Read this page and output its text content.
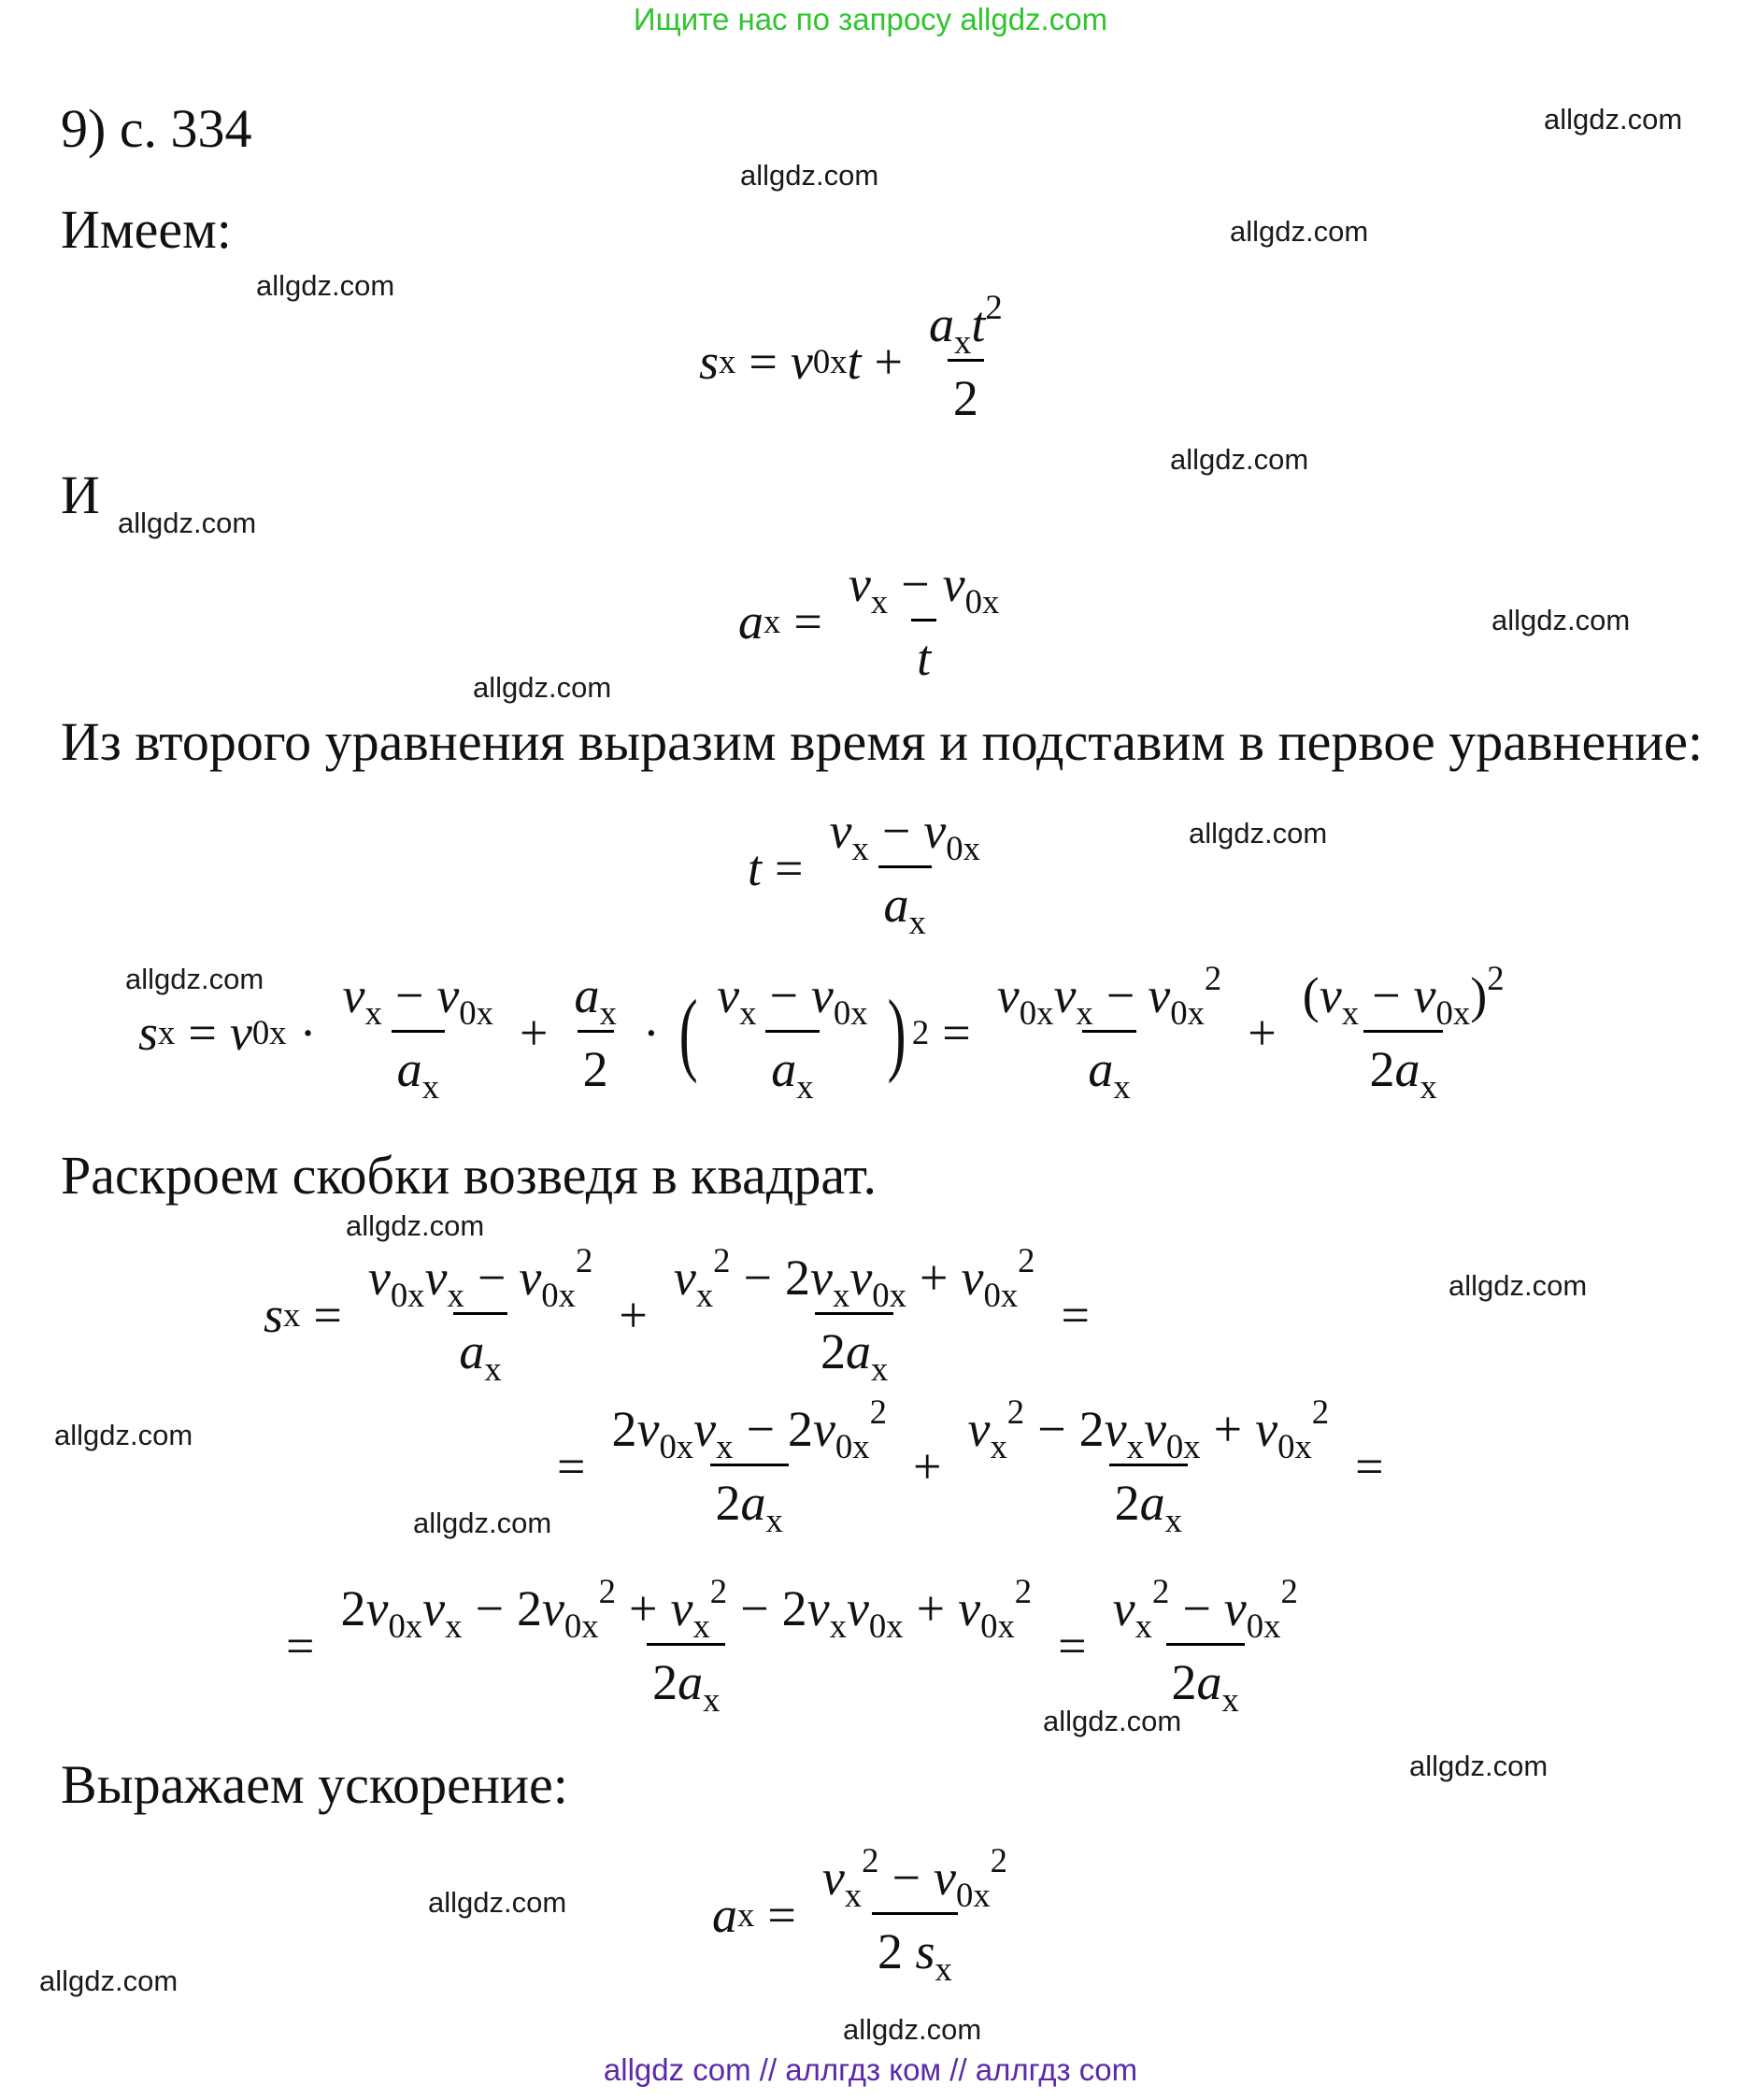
Ищите нас по запросу allgdz.com
9) с. 334
Имеем:
И
Из второго уравнения выразим время и подставим в первое уравнение:
Раскроем скобки возведя в квадрат.
Выражаем ускорение:
s x = v 0x $t + \frac{a_xt^2}{2}$
a $x = \frac{v_x - v_{0x}}{t}$
$t = \frac{v_x - v_{0x}}{a_x}$
s x = v $0x \cdot \frac{v_x - v_{0x}}{a_x} + \frac{a_x}{2}$ · ( $\frac{v_x - v_{0x}}{a_x}$ ) $2 = \frac{v_{0x}v_x - v_{0x}^2}{a_x} + \frac{(v_x - v_{0x})^2}{2a_x}$
s $x = \frac{v_{0x}v_x - v_{0x}^2}{a_x} + \frac{v_x^2 - 2v_xv_{0x} + v_{0x}^2}{2a_x}$ =
= $\frac{2v_{0x}v_x - 2v_{0x}^2}{2a_x} + \frac{v_x^2 - 2v_xv_{0x} + v_{0x}^2}{2a_x}$ =
= $\frac{2v_{0x}v_x - 2v_{0x}^2 + v_x^2 - 2v_xv_{0x} + v_{0x}^2}{2a_x} = \frac{v_x^2 - v_{0x}^2}{2a_x}$
a $x = \frac{v_x^2 - v_{0x}^2}{2 s_x}$
allgdz.com
allgdz.com
allgdz.com
allgdz.com
allgdz.com
allgdz.com
allgdz.com
allgdz.com
allgdz.com
allgdz.com
allgdz.com
allgdz.com
allgdz.com
allgdz.com
allgdz.com
allgdz.com
allgdz.com
allgdz.com
allgdz.com
allgdz com // аллгдз ком // аллгдз com
